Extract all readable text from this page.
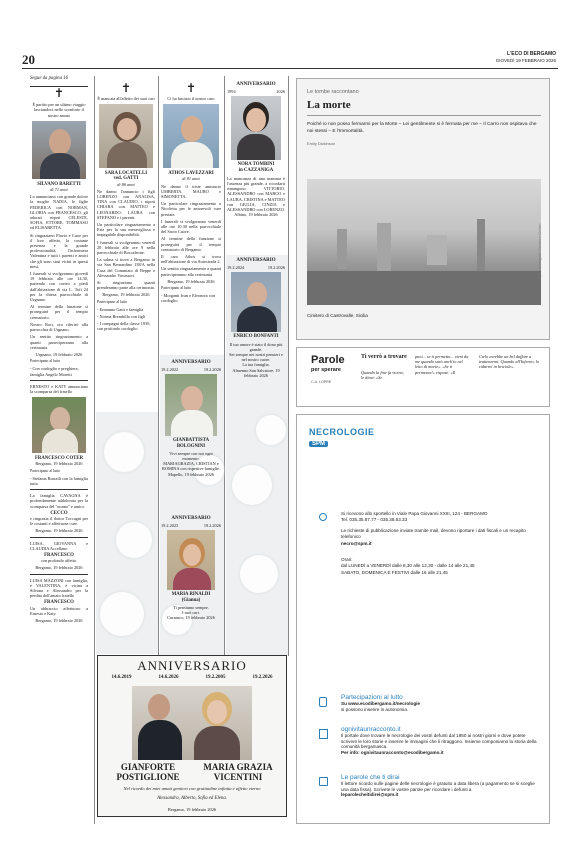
20	L'ECO DI BERGAMO
GIOVEDÌ 19 FEBBRAIO 2026
Segue da pagina 16
✝

È partito per un ultimo viaggio lasciandoci nello sconforto il nostro amato

SILVANO BARETTI
di 71 anni

Lo annunciano con grande dolore la moglie NADIA, le figlie FEDERICA con NORMAN, GLORIA con FRANCESCO, gli adorati nipoti CELESTE, SOFIA, ETTORE, TOMMASO ed ELISABETTA.

Si ringraziano Flavio e Cuoe per il loro affetto, la costante presenza e la grande professionalità, l'infermiera Valentina e tutti i parenti e amici che gli sono stati vicini in questi mesi.

I funerali si svolgeranno giovedì 19 febbraio alle ore 14.30, partendo con corteo a piedi dall'abitazione di via L. Tofi 24 per la chiesa parrocchiale di Urgnano.

Al termine della funzione si proseguirà per il tempio crematorio.

Nostro Rori, ora riferirò alla parrocchia di Urgnano.

Un sentito ringraziamento a quanti parteciperanno alla cerimonia.

Urgnano, 19 febbraio 2026

Partecipano al lutto

- Con cordoglio e preghiera, famiglia Angelo Moretti

ERNESTO e KATY annunciano la scomparsa del fratello

FRANCESCO COTER

Bergamo, 19 febbraio 2026

Partecipano al lutto

- Stefania Burraili con la famiglia tutta

La famiglia CAVAGNA è profondamente addolorata per la scomparsa del "nonno" e amico

CECCO

e ringrazia il dottor Toccagni per le costanti e affettuose cure.

Bergamo, 19 febbraio 2026

LUISA, GIOVANNA e CLAUDIA Accellano

FRANCESCO

con profondo affetto.

Bergamo, 19 febbraio 2026

LUISA MAZZONI con famiglia, e VALENTINA, è vicina a Silvana e Alessandro per la perdita dell'amato fratello

FRANCESCO

Un abbraccio affettuoso a Ernesto e Katy.

Bergamo, 19 febbraio 2026

✝

È mancata all'affetto dei suoi cari

SARA LOCATELLI
ved. GATTI
di 86 anni

Ne danno l'annuncio i figli LORENZO con ANALISA, TINA con CLAUDIO, i nipoti CHIARA con MATTEO e LEONARDO, LAURA con STEFANO e i parenti.

Un particolare ringraziamento a Ertz per la sua meravigliosa e impagabile disponibilità.

I funerali si svolgeranno venerdì 20 febbraio alle ore 9 nella parrocchiale di Boccaleone.

La salma si trova a Bergamo in via San Bernardino 138/A nella Casa del Commiato di Beppe e Alessandro Vavassori.

Si ringraziano quanti prenderanno parte alla cerimonia.

Bergamo, 19 febbraio 2026

Partecipano al lutto

- Ermanno Gatti e famiglia

- Norma Brembilla con figli

- I compagni della classe 1939, con profondo cordoglio

✝

Ci ha lasciato il nostro caro

ATHOS LAVEZZARI
di 81 anni

Ne danno il triste annuncio UMBERTA, MAURO e SIMONETTA.

Un particolare ringraziamento a Nicoletta per le amorevoli cure prestate.

I funerali si svolgeranno venerdì alle ore 10.30 nella parrocchiale del Sacro Cuore.

Al termine della funzione si proseguirà per il tempio crematorio di Bergamo.

Il caro Athos si trova nell'abitazione di via Autostrada 2.

Un sentito ringraziamento a quanti parteciperanno alla cerimonia.

Bergamo, 19 febbraio 2026

Partecipano al lutto

- Morganti Ivan e Eleonora con cordoglio.

ANNIVERSARIO
19.2.2022	19.2.2026
GIANBATTISTA BOLOGNINI

Vivi sempre con noi ogni momento.

MARIAGRAZIA, CRISTIAN e ROMINA con rispettive famiglie.

Mapello, 19 febbraio 2026

ANNIVERSARIO
19.2.2023	19.2.2026
MARIA RINALDI
(Gianna)

Ti pensiamo sempre.

I tuoi cari.

Curnasco, 19 febbraio 2026

ANNIVERSARIO
1994	2026
NORA TOMBINI
in CAZZANIGA

La mancanza di una mamma è l'assenza più grande, a ricordarti rimangono VITTORIO, ALESSANDRO con MARCO e LAURA, CRISTINA e MATTEO con GIULIA, CINZIA e ALESSANDRO con LORENZO.

Albino, 19 febbraio 2026

ANNIVERSARIO
19.2.2024	19.2.2026
ENRICO BONFANTI

Il tuo amore è stato il dono più grande.

Sei sempre nei nostri pensieri e nel nostro cuore.

La tua famiglia.

Almenno San Salvatore, 19 febbraio 2026

ANNIVERSARIO
14.6.2019	14.6.2026	19.2.2005	19.2.2026
GIANFORTE
POSTIGLIONE
MARIA GRAZIA
VICENTINI
Nel ricordo dei miei amati genitori con gratitudine infinita e affetto eterno
Alessandra, Alberto, Sofia ed Elena.
Bergamo, 19 febbraio 2026
Le tombe raccontano
La morte
Poiché io non posso fermarmi per la Morte – Lei gentilmente si è fermata per me – Il Carro non ospitava che noi stessi – E l'Immortalità.
Emily Dickinson
Opera di fotografi / Cimitero e Cimiteri
Cimitero di Castrovalle, Sicilia
Parole
per sperare
C.A. LOPRE
Ti verrò a trovare
Quando la fine fa vicino, le dirai: «Se
puoi... se ti permetto... vieni da me quando sarò anch'io nel letto di morte». «Se ti permesso!» rispose. «Il
Cielo avrebbe un bel daffare a trattenermi. Quando all'Inferno, lo ridarrei in briciole».
NECROLOGIE
SPM
Si ricevono allo sportello in Viale Papa Giovanni XXIII, 124 - BERGAMO
Tel. 035.35.87.77 - 035.38.63.33
Le richieste di pubblicazione inviate tramite mail, devono riportare i dati fiscali e un recapito telefonico
necro@spm.it
Orari:
dal LUNEDÌ a VENERDÌ dalle 8,30 alle 12,30 - dalle 14 alle 21,45
SABATO, DOMENICA E FESTIVI dalle 16 alle 21,45
Partecipazioni al lutto
Su www.ecodibergamo.it/necrologie
si possono inserire in autonomia.
ognivitaunracconto.it
Il portale dove trovare le necrologie dei vostri defunti dal 1950 ai nostri giorni e dove potete scrivere le loro storie e inserire le immagini che li ritraggono. Insieme componiamo la storia della comunità bergamasca.
Per info: ognivitaunracconto@ecodibergamo.it
Le parole che ti dirai
Il lettore ricordo sulle pagine delle necrologie è gratuito a data libera (a pagamento se si sceglie una data fissa). Scrivete le vostre parole per ricordare i defunti a
leparolecheitidirei@spm.it
